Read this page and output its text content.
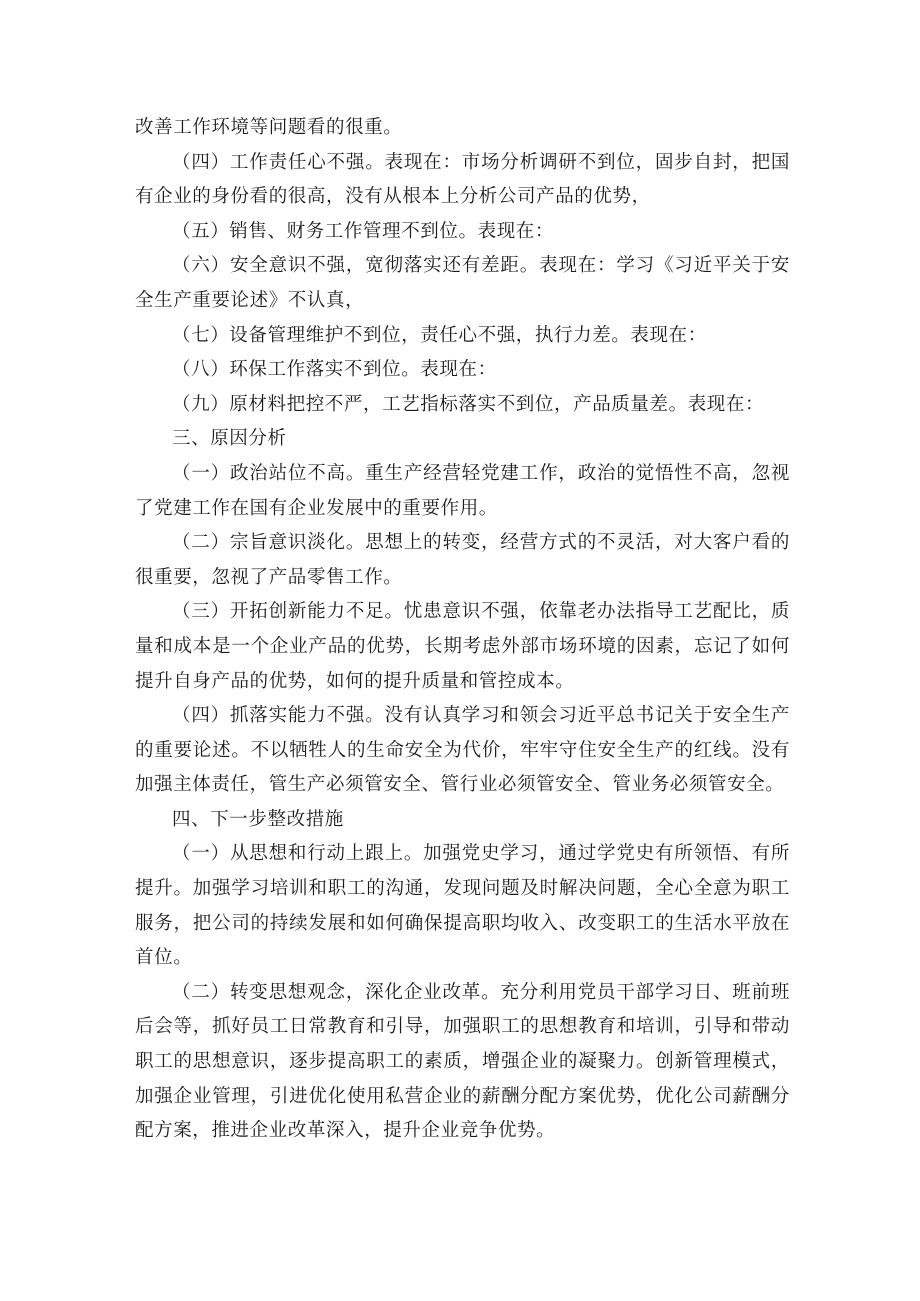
改善工作环境等问题看的很重。

（四）工作责任心不强。表现在：市场分析调研不到位，固步自封，把国有企业的身份看的很高，没有从根本上分析公司产品的优势，

（五）销售、财务工作管理不到位。表现在：

（六）安全意识不强，宽彻落实还有差距。表现在：学习《习近平关于安全生产重要论述》不认真，

（七）设备管理维护不到位，责任心不强，执行力差。表现在：

（八）环保工作落实不到位。表现在：

（九）原材料把控不严，工艺指标落实不到位，产品质量差。表现在：

三、原因分析

（一）政治站位不高。重生产经营轻党建工作，政治的觉悟性不高，忽视了党建工作在国有企业发展中的重要作用。

（二）宗旨意识淡化。思想上的转变，经营方式的不灵活，对大客户看的很重要，忽视了产品零售工作。

（三）开拓创新能力不足。忧患意识不强，依靠老办法指导工艺配比，质量和成本是一个企业产品的优势，长期考虑外部市场环境的因素，忘记了如何提升自身产品的优势，如何的提升质量和管控成本。

（四）抓落实能力不强。没有认真学习和领会习近平总书记关于安全生产的重要论述。不以牺牲人的生命安全为代价，牢牢守住安全生产的红线。没有加强主体责任，管生产必须管安全、管行业必须管安全、管业务必须管安全。

四、下一步整改措施

（一）从思想和行动上跟上。加强党史学习，通过学党史有所领悟、有所提升。加强学习培训和职工的沟通，发现问题及时解决问题，全心全意为职工服务，把公司的持续发展和如何确保提高职均收入、改变职工的生活水平放在首位。

（二）转变思想观念，深化企业改革。充分利用党员干部学习日、班前班后会等，抓好员工日常教育和引导，加强职工的思想教育和培训，引导和带动职工的思想意识，逐步提高职工的素质，增强企业的凝聚力。创新管理模式，加强企业管理，引进优化使用私营企业的薪酬分配方案优势，优化公司薪酬分配方案，推进企业改革深入，提升企业竞争优势。
